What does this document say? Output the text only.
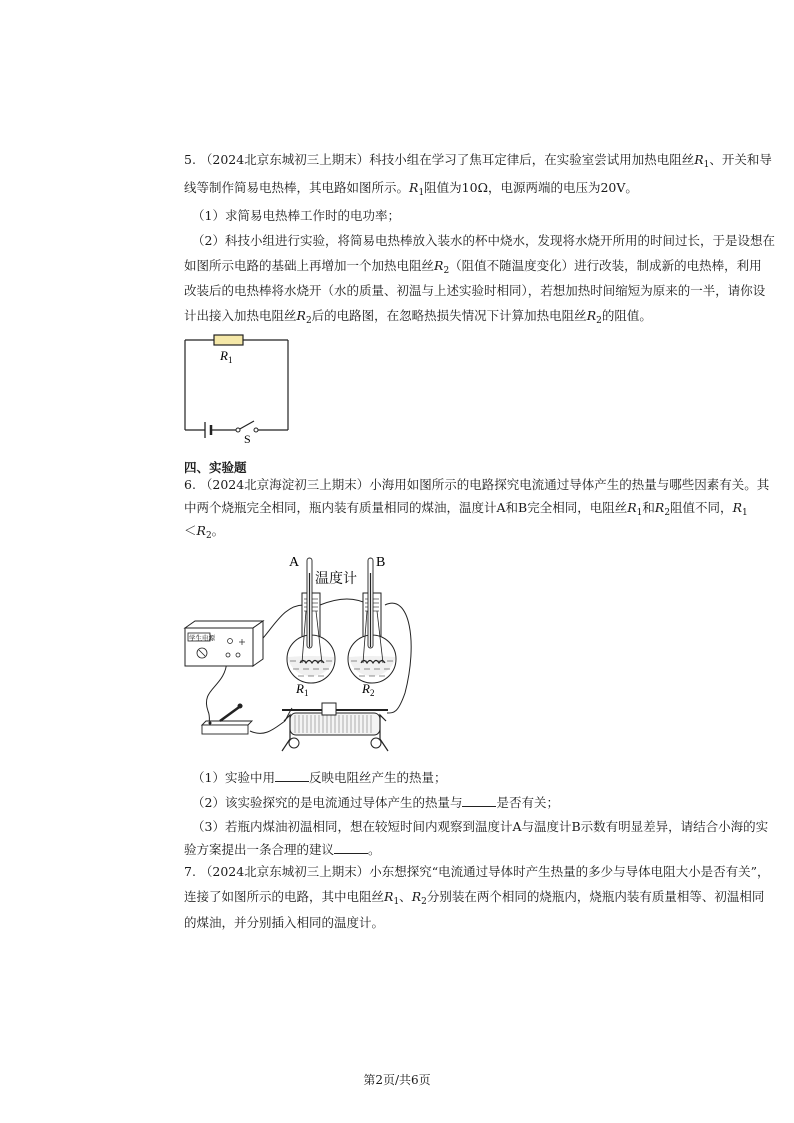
5. （2024北京东城初三上期末）科技小组在学习了焦耳定律后，在实验室尝试用加热电阻丝$R_1$、开关和导
线等制作简易电热棒，其电路如图所示。$R_1$阻值为10Ω，电源两端的电压为20V。
（1）求简易电热棒工作时的电功率；
（2）科技小组进行实验，将简易电热棒放入装水的杯中烧水，发现将水烧开所用的时间过长，于是设想在
如图所示电路的基础上再增加一个加热电阻丝$R_2$（阻值不随温度变化）进行改装，制成新的电热棒，利用
改装后的电热棒将水烧开（水的质量、初温与上述实验时相同），若想加热时间缩短为原来的一半，请你设
计出接入加热电阻丝$R_2$后的电路图，在忽略热损失情况下计算加热电阻丝$R_2$的阻值。
$R_1$
S
四、实验题
6. （2024北京海淀初三上期末）小海用如图所示的电路探究电流通过导体产生的热量与哪些因素有关。其
中两个烧瓶完全相同，瓶内装有质量相同的煤油，温度计A和B完全相同，电阻丝$R_1$和$R_2$阻值不同，$R_1$
$<R_2$。
学生电源
A	B
温度计
$R_1$	$R_2$
（1）实验中用	反映电阻丝产生的热量；
（2）该实验探究的是电流通过导体产生的热量与	是否有关；
（3）若瓶内煤油初温相同，想在较短时间内观察到温度计A与温度计B示数有明显差异，请结合小海的实
验方案提出一条合理的建议	。
7. （2024北京东城初三上期末）小东想探究“电流通过导体时产生热量的多少与导体电阻大小是否有关”，
连接了如图所示的电路，其中电阻丝$R_1$、$R_2$分别装在两个相同的烧瓶内，烧瓶内装有质量相等、初温相同
的煤油，并分别插入相同的温度计。
第2页/共6页
